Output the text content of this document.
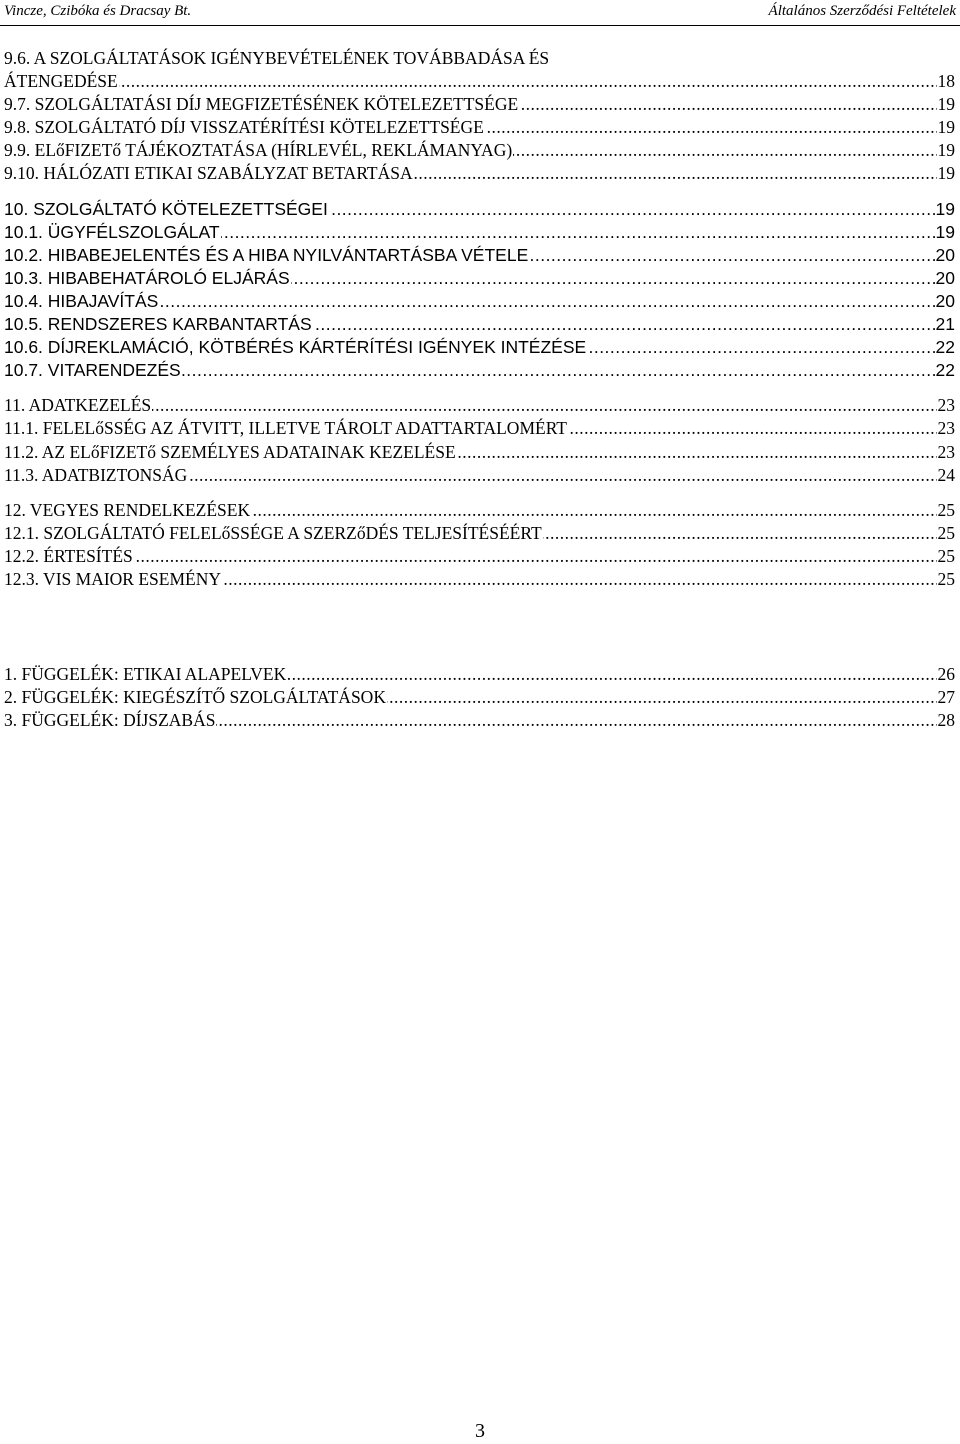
Vincze, Czibóka és Dracsay Bt.	Általános Szerződési Feltételek
9.6. A SZOLGÁLTATÁSOK IGÉNYBEVÉTELÉNEK TOVÁBBADÁSA ÉS
..... ÁTENGEDÉSE	18
..... 9.7. SZOLGÁLTATÁSI DÍJ MEGFIZETÉSÉNEK KÖTELEZETTSÉGE	19
..... 9.8. SZOLGÁLTATÓ DÍJ VISSZATÉRÍTÉSI KÖTELEZETTSÉGE	19
..... 9.9. ELőFIZETő TÁJÉKOZTATÁSA (HÍRLEVÉL, REKLÁMANYAG)	19
..... 9.10. HÁLÓZATI ETIKAI SZABÁLYZAT BETARTÁSA	19
..... 10. SZOLGÁLTATÓ KÖTELEZETTSÉGEI	19
..... 10.1. ÜGYFÉLSZOLGÁLAT	19
..... 10.2. HIBABEJELENTÉS ÉS A HIBA NYILVÁNTARTÁSBA VÉTELE	20
..... 10.3. HIBABEHATÁROLÓ ELJÁRÁS	20
..... 10.4. HIBAJAVÍTÁS	20
..... 10.5. RENDSZERES KARBANTARTÁS	21
..... 10.6. DÍJREKLAMÁCIÓ, KÖTBÉRÉS KÁRTÉRÍTÉSI IGÉNYEK INTÉZÉSE	22
..... 10.7. VITARENDEZÉS	22
..... 11. ADATKEZELÉS	23
..... 11.1. FELELőSSÉG AZ ÁTVITT, ILLETVE TÁROLT ADATTARTALOMÉRT	23
..... 11.2. AZ ELőFIZETő SZEMÉLYES ADATAINAK KEZELÉSE	23
..... 11.3. ADATBIZTONSÁG	24
..... 12. VEGYES RENDELKEZÉSEK	25
..... 12.1. SZOLGÁLTATÓ FELELőSSÉGE A SZERZőDÉS TELJESÍTÉSÉÉRT	25
..... 12.2. ÉRTESÍTÉS	25
..... 12.3. VIS MAIOR ESEMÉNY	25
..... 1. FÜGGELÉK: ETIKAI ALAPELVEK	26
..... 2. FÜGGELÉK: KIEGÉSZÍTŐ SZOLGÁLTATÁSOK	27
..... 3. FÜGGELÉK: DÍJSZABÁS	28
3
